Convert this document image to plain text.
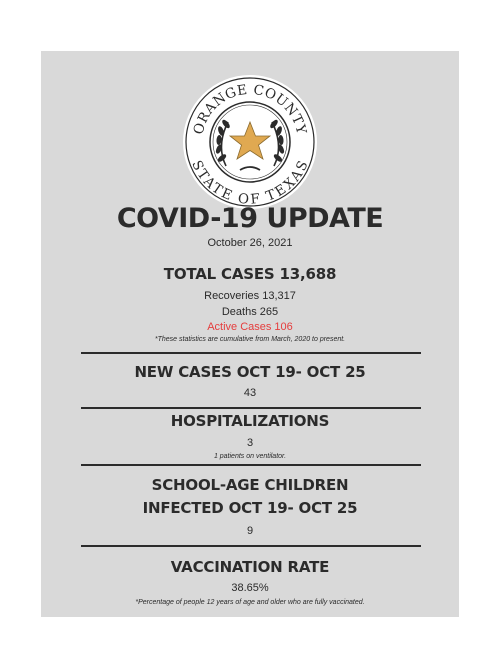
ORANGE COUNTY
STATE OF TEXAS
COVID-19 UPDATE
October 26, 2021
TOTAL CASES 13,688
Recoveries 13,317
Deaths 265
Active Cases 106
*These statistics are cumulative from March, 2020 to present.
NEW CASES OCT 19- OCT 25
43
HOSPITALIZATIONS
3
1 patients on ventilator.
SCHOOL-AGE CHILDREN
INFECTED OCT 19- OCT 25
9
VACCINATION RATE
38.65%
*Percentage of people 12 years of age and older who are fully vaccinated.
